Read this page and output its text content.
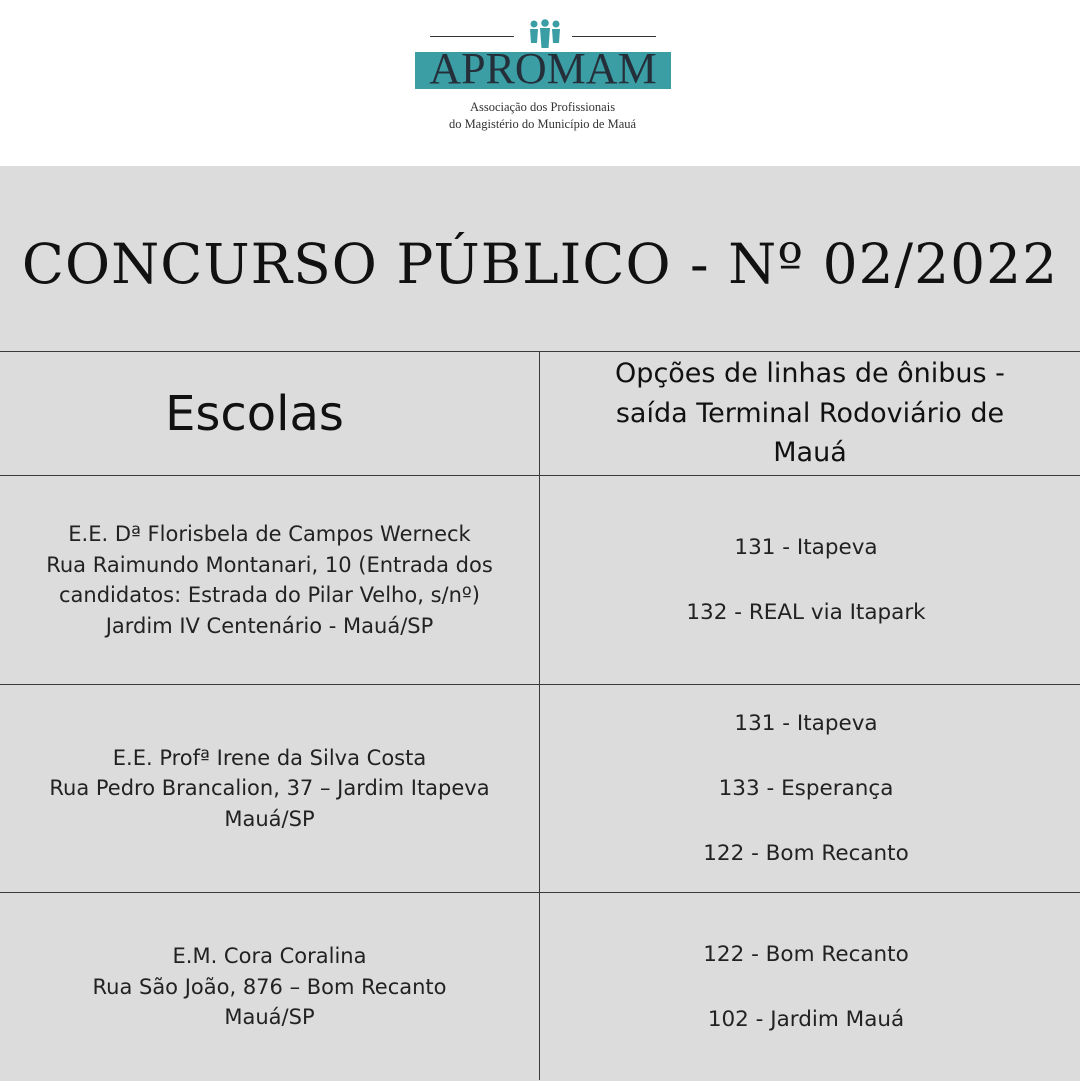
APROMAM
Associação dos Profissionais
do Magistério do Município de Mauá
CONCURSO PÚBLICO - Nº 02/2022
Escolas
Opções de linhas de ônibus - saída Terminal Rodoviário de Mauá
E.E. Dª Florisbela de Campos Werneck
Rua Raimundo Montanari, 10 (Entrada dos
candidatos: Estrada do Pilar Velho, s/nº)
Jardim IV Centenário - Mauá/SP
131 - Itapeva
132 - REAL via Itapark
E.E. Profª Irene da Silva Costa
Rua Pedro Brancalion, 37 – Jardim Itapeva
Mauá/SP
131 - Itapeva
133 - Esperança
122 - Bom Recanto
E.M. Cora Coralina
Rua São João, 876 – Bom Recanto
Mauá/SP
122 - Bom Recanto
102 - Jardim Mauá
